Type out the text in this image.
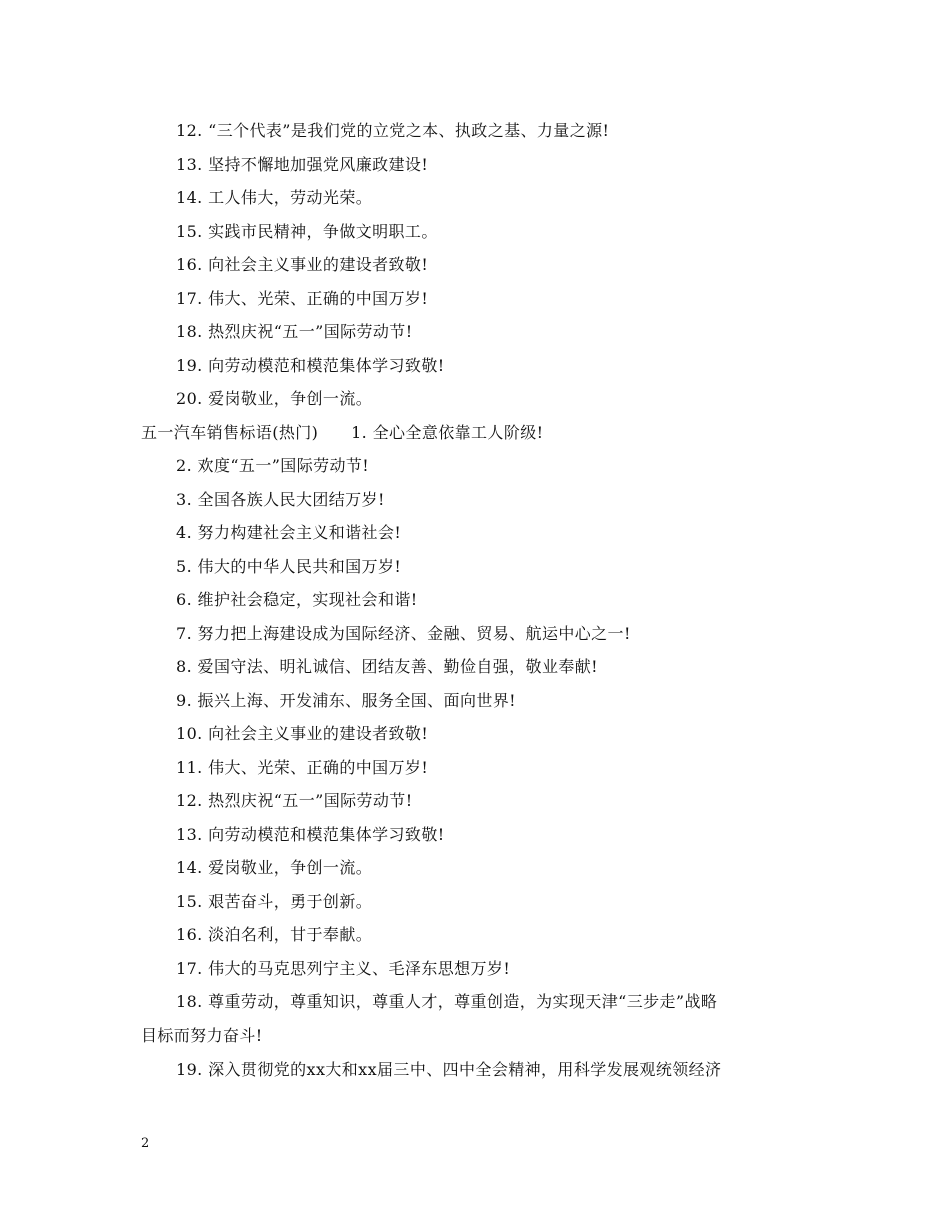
12. “三个代表”是我们党的立党之本、执政之基、力量之源!
13. 坚持不懈地加强党风廉政建设!
14. 工人伟大，劳动光荣。
15. 实践市民精神，争做文明职工。
16. 向社会主义事业的建设者致敬!
17. 伟大、光荣、正确的中国万岁!
18. 热烈庆祝“五一”国际劳动节!
19. 向劳动模范和模范集体学习致敬!
20. 爱岗敬业，争创一流。
五一汽车销售标语(热门)　　1. 全心全意依靠工人阶级!
2. 欢度“五一”国际劳动节!
3. 全国各族人民大团结万岁!
4. 努力构建社会主义和谐社会!
5. 伟大的中华人民共和国万岁!
6. 维护社会稳定，实现社会和谐!
7. 努力把上海建设成为国际经济、金融、贸易、航运中心之一!
8. 爱国守法、明礼诚信、团结友善、勤俭自强，敬业奉献!
9. 振兴上海、开发浦东、服务全国、面向世界!
10. 向社会主义事业的建设者致敬!
11. 伟大、光荣、正确的中国万岁!
12. 热烈庆祝“五一”国际劳动节!
13. 向劳动模范和模范集体学习致敬!
14. 爱岗敬业，争创一流。
15. 艰苦奋斗，勇于创新。
16. 淡泊名利，甘于奉献。
17. 伟大的马克思列宁主义、毛泽东思想万岁!
18. 尊重劳动，尊重知识，尊重人才，尊重创造，为实现天津“三步走”战略
目标而努力奋斗!
19. 深入贯彻党的xx大和xx届三中、四中全会精神，用科学发展观统领经济
2
